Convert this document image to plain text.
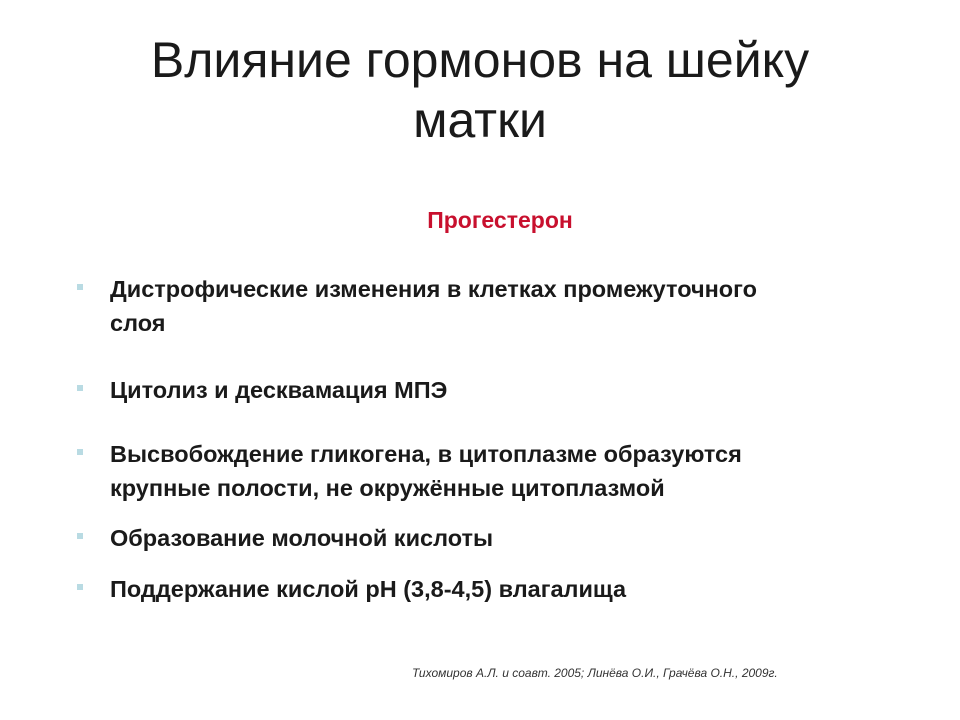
Влияние гормонов на шейку
матки
Прогестерон
Дистрофические изменения в клетках промежуточного
слоя
Цитолиз и десквамация МПЭ
Высвобождение гликогена, в цитоплазме образуются
крупные полости, не окружённые цитоплазмой
Образование молочной кислоты
Поддержание кислой pH (3,8-4,5) влагалища
Тихомиров А.Л. и соавт. 2005; Линёва О.И., Грачёва О.Н., 2009г.
